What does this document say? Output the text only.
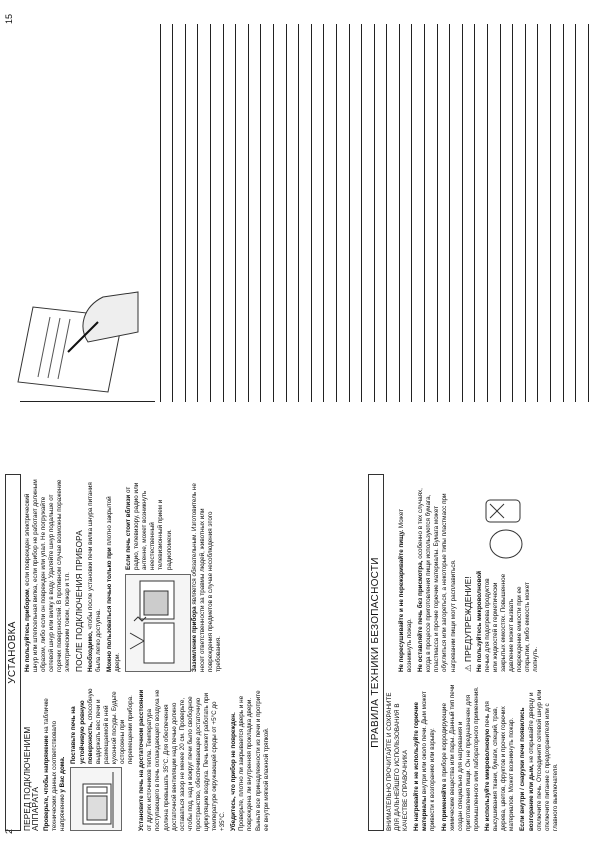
2
15
УСТАНОВКА
ПЕРЕД ПОДКЛЮЧЕНИЕМ АППАРАТА Проверьте, чтобы напряжение на табличке технических данных соответствовало напряжению у Вас дома.

Поставьте печь на устойчивую ровную поверхность, способную выдержать вес печи и размещаемой в ней кухонной посуды. Будьте осторожны при перемещении прибора. Установите печь на достаточном расстоянии от других источников тепла. Температура поступающего в печь охлаждающего воздуха не должна превышать 35°С. Для обеспечения достаточной вентиляции над печью должно оставаться зазор не менее 20 см. Проверьте, чтобы под, над и вокруг печи было свободное пространство, обеспечивающее достаточную циркуляцию воздуха. Печь может работать при температуре окружающей среды от +5°С до +35°С. Убедитесь, что прибор не поврежден. Проверьте, плотно ли закрывается дверь и не повреждена ли внутренняя прокладка двери. Выньте все принадлежности из печи и протрите ее внутри мягкой влажной тряпкой.

Не пользуйтесь прибором, если поврежден электрический шнур или штепсельная вилка, если прибор не работает должным образом, либо если он поврежден или упал. Не погружайте сетевой шнур или вилку в воду. Удаляйте шнур подальше от горячих поверхностей. В противном случае возможны поражение электрическим током, пожар и т.п. ПОСЛЕ ПОДКЛЮЧЕНИЯ ПРИБОРА Необходимо, чтобы после установки печи вилка шнура питания была легко доступна. Можно пользоваться печью только при плотно закрытой двери.

Если печь стоит вблизи от радио, телевизору, радио или антенне, может возникнуть неестественный телевизионный прием и радиопомехи.

Заземление прибора является обязательным. Изготовитель не несет ответственности за травмы людей, животных или повреждения предметов в случае несоблюдения этого требования.	ПРАВИЛА ТЕХНИКИ БЕЗОПАСНОСТИ

ВНИМАТЕЛЬНО ПРОЧИТАЙТЕ И СОХРАНИТЕ ДЛЯ ДАЛЬНЕЙШЕГО ИСПОЛЬЗОВАНИЯ В КАЧЕСТВЕ СПРАВОЧНИКА Не нагревайте и не используйте горючие материалы внутри или около печи. Дым может привести к возгоранию или взрыву. Не применяйте в приборе корродирующие химические вещества или пары. Данный тип печи создан специально для нагревания и приготовления пищи. Он не предназначен для промышленного или лабораторного применения. Не используйте микроволновую печь для высушивания ткани, бумаги, специй, трав, дерева, цветов, фруктов и прочих горючих материалов. Может возникнуть пожар. Если внутри / снаружи печи появились возгорание или дым, не открывайте дверцу и отключите печь. Отсоедините сетевой шнур или отключите питание с предохранителя или с главного выключателя.

Не пересушивайте и не пережаривайте пищу. Может возникнуть пожар. Не оставляйте печь без присмотра, особенно в тех случаях, когда в процессе приготовления пищи используются бумага, пластмасса и прочие горючие материалы. Бумага может обуглиться или загореться, а некоторые типы пластмасс при нагревании пищи могут расплавиться. ⚠ ПРЕДУПРЕЖДЕНИЕ! Не пользуйтесь микроволновой печью для подогрева продуктов или жидкостей в герметически закрытых емкостях. Повышенное давление может вызвать повреждение емкости при ее открытии, либо емкость может лопнуть.
